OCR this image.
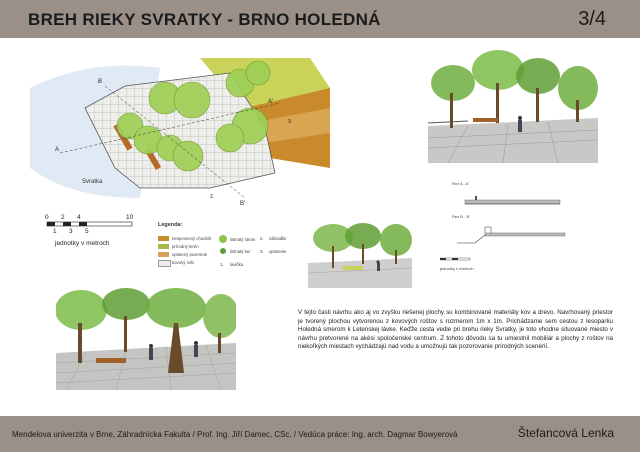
BREH RIEKY SVRATKY - BRNO HOLEDNÁ	3/4
A
A'
B
B'
2.
3.
Svratka
0 2 4	10
1 3 5
jednotky v metroch
Legenda:
nespevnený chodník
prírodný terén
oplotený pozemok
kovový rošt
listnatý strom
listnatý ker
2. zábradlie
3. oplotenie
1. lavička
Rez A - A'
Rez B - B'
jednotky v metroch
V tejto časti návrhu ako aj vo zvyšku riešenej plochy su kombinované materiály kov a drevo. Navrhovaný priestor je tvorený plochou vytvorenou z kovových roštov s rozmerom 1m x 1m. Prichádzame sem cestou z lesoparku Holedná smerom k Letenskej lávke. Keďže cesta vedie pri brehu rieky Svratky, je toto vhodne situované miesto v návrhu pretvorené na akési spoločenské centrum. Z tohoto dôvodu sa tu umiestnil mobiliár a plochy z roštov na niekoľkých miestach vychádzajú nad vodu a umožnujú tak pozorovanie prírodných scenérií.
Mendelova univerzita v Brne, Záhradnícka Fakulta / Prof. Ing. Jiří Damec, CSc. / Vedúca práce: Ing. arch. Dagmar Bowyerová	Štefancová Lenka
